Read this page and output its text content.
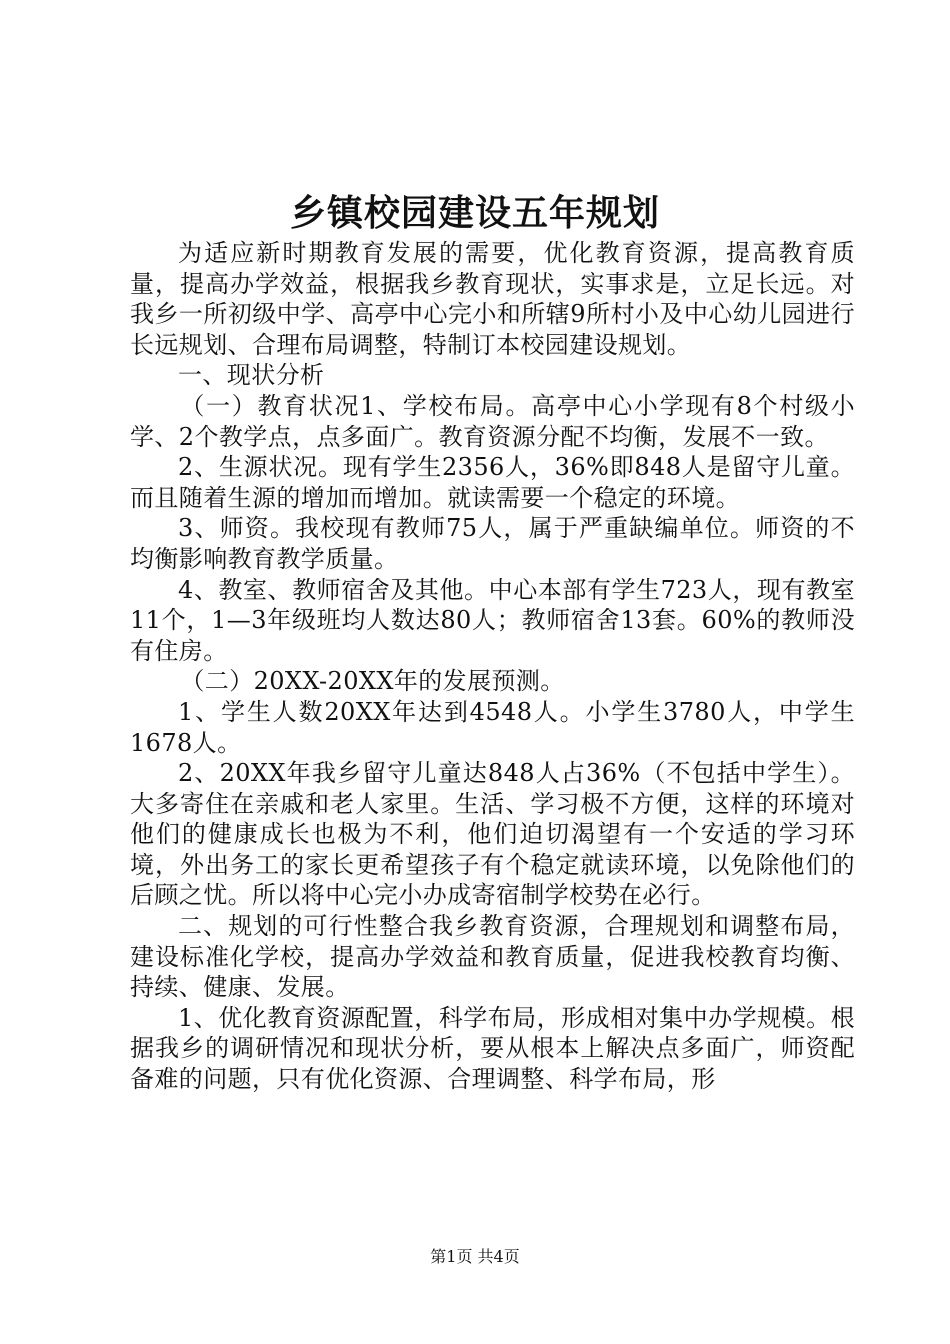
乡镇校园建设五年规划

为适应新时期教育发展的需要，优化教育资源，提高教育质量，提高办学效益，根据我乡教育现状，实事求是，立足长远。对我乡一所初级中学、高亭中心完小和所辖9所村小及中心幼儿园进行长远规划、合理布局调整，特制订本校园建设规划。

一、现状分析

（一）教育状况1、学校布局。高亭中心小学现有8个村级小学、2个教学点，点多面广。教育资源分配不均衡，发展不一致。

2、生源状况。现有学生2356人，36%即848人是留守儿童。而且随着生源的增加而增加。就读需要一个稳定的环境。

3、师资。我校现有教师75人，属于严重缺编单位。师资的不均衡影响教育教学质量。

4、教室、教师宿舍及其他。中心本部有学生723人，现有教室11个，1—3年级班均人数达80人；教师宿舍13套。60%的教师没有住房。

（二）20XX-20XX年的发展预测。

1、学生人数20XX年达到4548人。小学生3780人，中学生1678人。

2、20XX年我乡留守儿童达848人占36%（不包括中学生）。大多寄住在亲戚和老人家里。生活、学习极不方便，这样的环境对他们的健康成长也极为不利，他们迫切渴望有一个安适的学习环境，外出务工的家长更希望孩子有个稳定就读环境，以免除他们的后顾之忧。所以将中心完小办成寄宿制学校势在必行。

二、规划的可行性整合我乡教育资源，合理规划和调整布局，建设标准化学校，提高办学效益和教育质量，促进我校教育均衡、持续、健康、发展。

1、优化教育资源配置，科学布局，形成相对集中办学规模。根据我乡的调研情况和现状分析，要从根本上解决点多面广，师资配备难的问题，只有优化资源、合理调整、科学布局，形

第1页 共4页
